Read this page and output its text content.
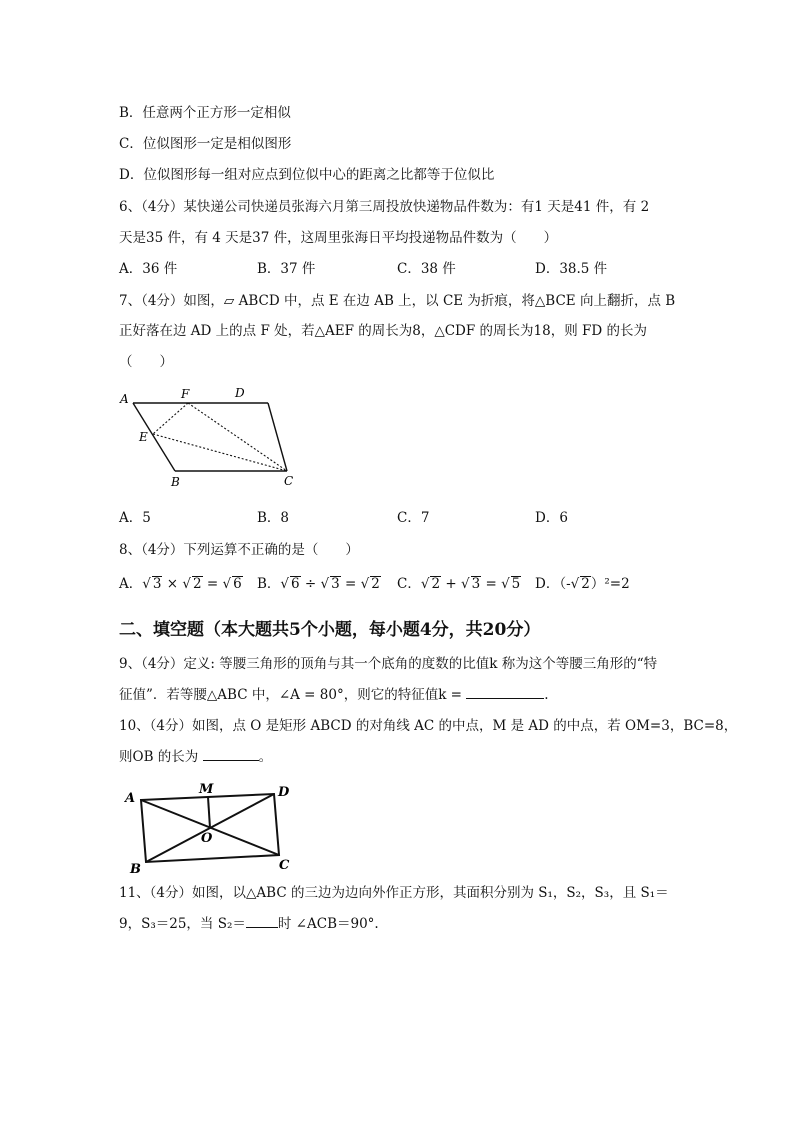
B．任意两个正方形一定相似
C．位似图形一定是相似图形
D．位似图形每一组对应点到位似中心的距离之比都等于位似比
6、（4分）某快递公司快递员张海六月第三周投放快递物品件数为：有1 天是41 件，有 2
天是35 件，有 4 天是37 件，这周里张海日平均投递物品件数为（　　）
A．36 件	B．37 件	C．38 件	D．38.5 件
7、（4分）如图，▱ ABCD 中，点 E 在边 AB 上，以 CE 为折痕，将△BCE 向上翻折，点 B
正好落在边 AD 上的点 F 处，若△AEF 的周长为8，△CDF 的周长为18，则 FD 的长为
（　　）
A	F	D
E
B	C
A．5	B．8	C．7	D．6
8、（4分）下列运算不正确的是（　　）
A．√ 3 × √ 2 = √ 6 B．√ 6 ÷ √ 3 = √ 2 C．√ 2 + √ 3 = √ 5 D．（-√ 2）²=2
二、填空题（本大题共5个小题，每小题4分，共20分）
9、（4分）定义: 等腰三角形的顶角与其一个底角的度数的比值k 称为这个等腰三角形的“特
征值”．若等腰△ABC 中，∠A = 80°，则它的特征值k =	.
10、（4分）如图，点 O 是矩形 ABCD 的对角线 AC 的中点，M 是 AD 的中点，若 OM=3，BC=8，
则OB 的长为	。
A
M	D
O
B	C
11、（4分）如图，以△ABC 的三边为边向外作正方形，其面积分别为 S₁，S₂，S₃，且 S₁＝
9，S₃＝25，当 S₂＝ 时 ∠ACB＝90°.
